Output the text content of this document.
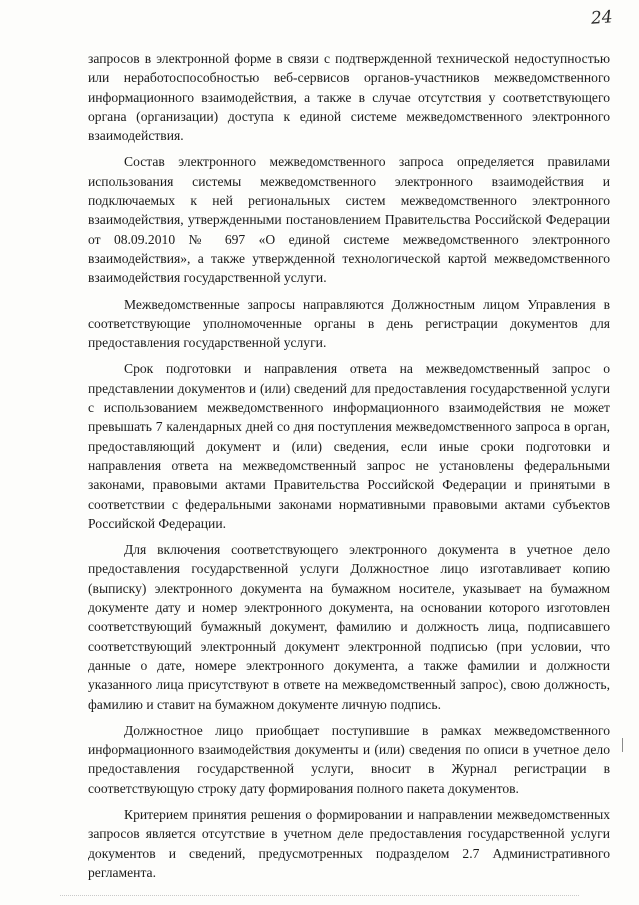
24

запросов в электронной форме в связи с подтвержденной технической недоступностью или неработоспособностью веб-сервисов органов-участников межведомственного информационного взаимодействия, а также в случае отсутствия у соответствующего органа (организации) доступа к единой системе межведомственного электронного взаимодействия.

Состав электронного межведомственного запроса определяется правилами использования системы межведомственного электронного взаимодействия и подключаемых к ней региональных систем межведомственного электронного взаимодействия, утвержденными постановлением Правительства Российской Федерации от 08.09.2010 № 697 «О единой системе межведомственного электронного взаимодействия», а также утвержденной технологической картой межведомственного взаимодействия государственной услуги.

Межведомственные запросы направляются Должностным лицом Управления в соответствующие уполномоченные органы в день регистрации документов для предоставления государственной услуги.

Срок подготовки и направления ответа на межведомственный запрос о представлении документов и (или) сведений для предоставления государственной услуги с использованием межведомственного информационного взаимодействия не может превышать 7 календарных дней со дня поступления межведомственного запроса в орган, предоставляющий документ и (или) сведения, если иные сроки подготовки и направления ответа на межведомственный запрос не установлены федеральными законами, правовыми актами Правительства Российской Федерации и принятыми в соответствии с федеральными законами нормативными правовыми актами субъектов Российской Федерации.

Для включения соответствующего электронного документа в учетное дело предоставления государственной услуги Должностное лицо изготавливает копию (выписку) электронного документа на бумажном носителе, указывает на бумажном документе дату и номер электронного документа, на основании которого изготовлен соответствующий бумажный документ, фамилию и должность лица, подписавшего соответствующий электронный документ электронной подписью (при условии, что данные о дате, номере электронного документа, а также фамилии и должности указанного лица присутствуют в ответе на межведомственный запрос), свою должность, фамилию и ставит на бумажном документе личную подпись.

Должностное лицо приобщает поступившие в рамках межведомственного информационного взаимодействия документы и (или) сведения по описи в учетное дело предоставления государственной услуги, вносит в Журнал регистрации в соответствующую строку дату формирования полного пакета документов.

Критерием принятия решения о формировании и направлении межведомственных запросов является отсутствие в учетном деле предоставления государственной услуги документов и сведений, предусмотренных подразделом 2.7 Административного регламента.
